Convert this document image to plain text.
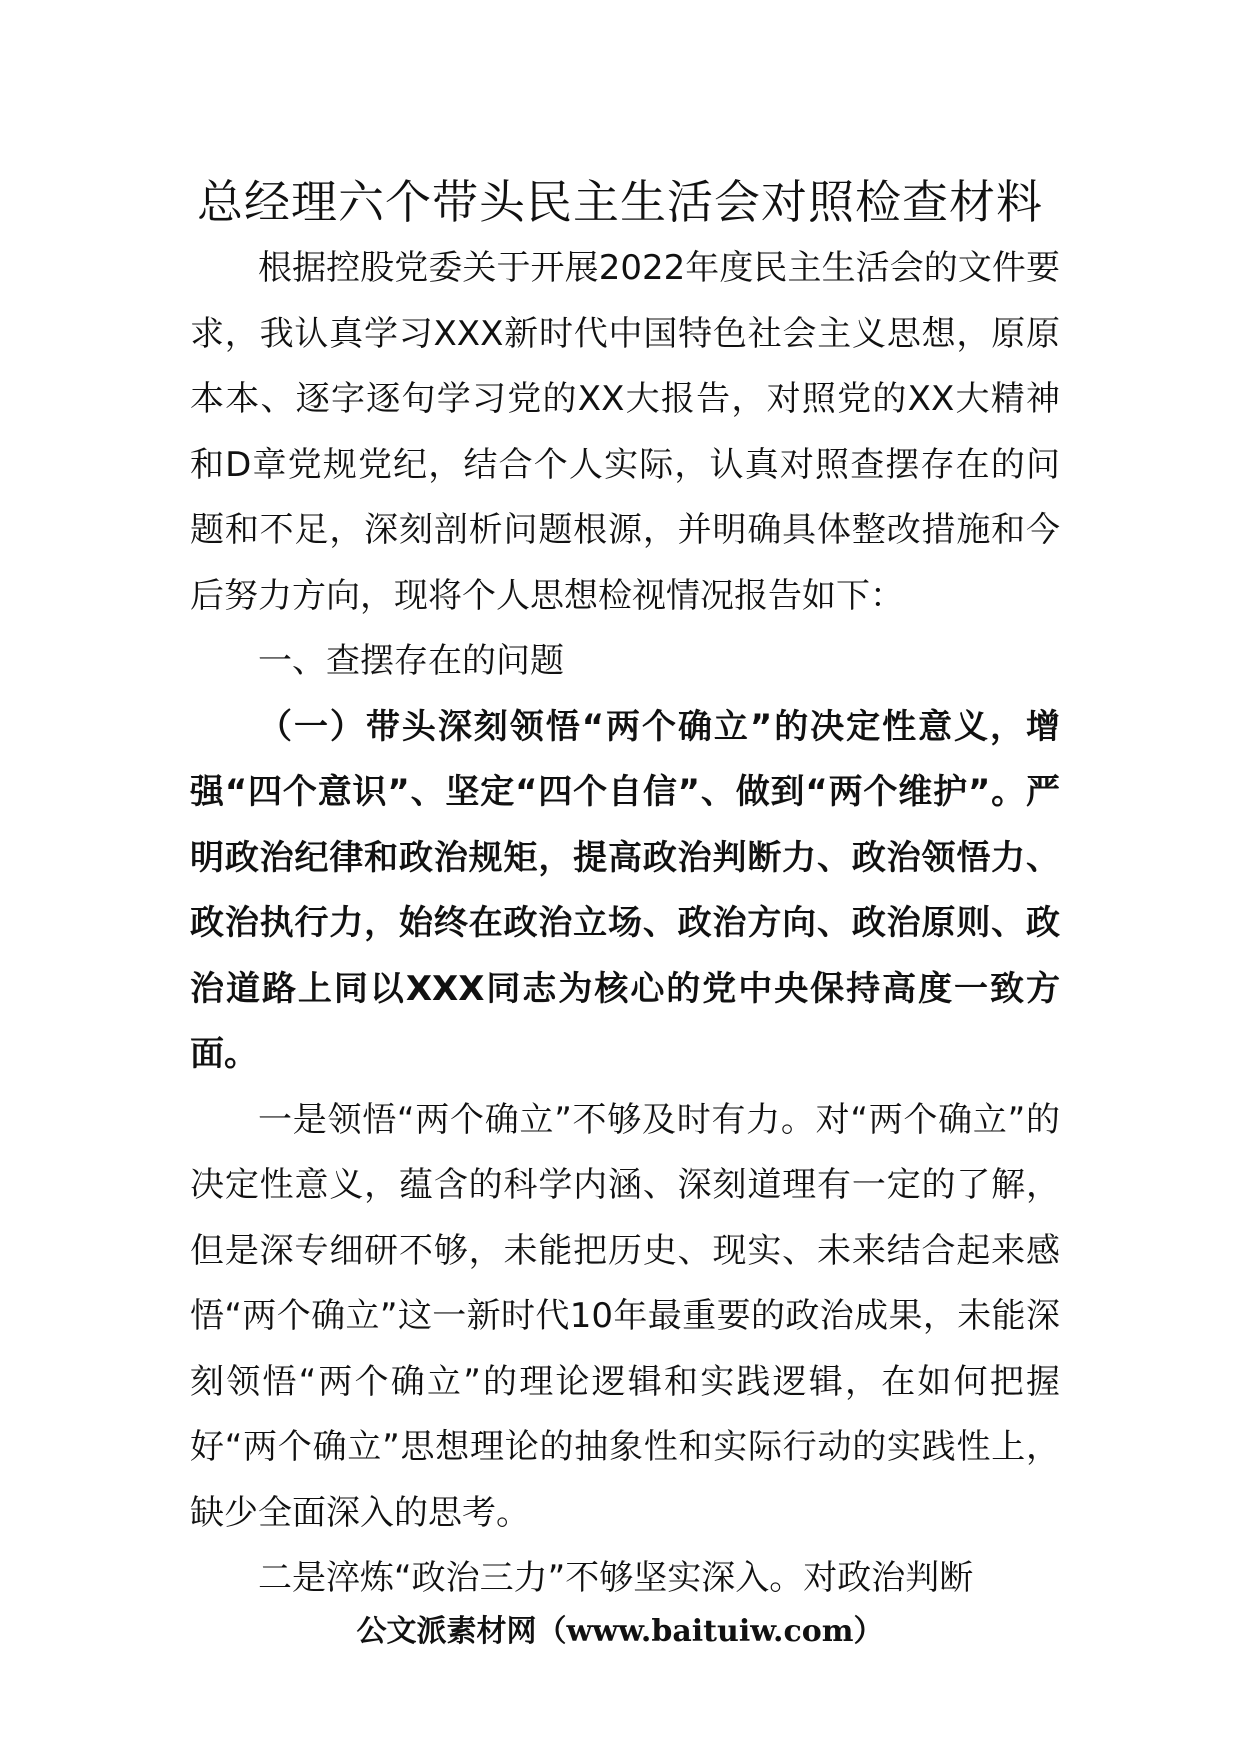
总经理六个带头民主生活会对照检查材料

根据控股党委关于开展2022年度民主生活会的文件要求，我认真学习XXX新时代中国特色社会主义思想，原原本本、逐字逐句学习党的XX大报告，对照党的XX大精神和D章党规党纪，结合个人实际，认真对照查摆存在的问题和不足，深刻剖析问题根源，并明确具体整改措施和今后努力方向，现将个人思想检视情况报告如下：

一、查摆存在的问题

（一）带头深刻领悟“两个确立”的决定性意义，增强“四个意识”、坚定“四个自信”、做到“两个维护”。严明政治纪律和政治规矩，提高政治判断力、政治领悟力、政治执行力，始终在政治立场、政治方向、政治原则、政治道路上同以XXX同志为核心的党中央保持高度一致方面。

一是领悟“两个确立”不够及时有力。对“两个确立”的决定性意义，蕴含的科学内涵、深刻道理有一定的了解，但是深专细研不够，未能把历史、现实、未来结合起来感悟“两个确立”这一新时代10年最重要的政治成果，未能深刻领悟“两个确立”的理论逻辑和实践逻辑，在如何把握好“两个确立”思想理论的抽象性和实际行动的实践性上，缺少全面深入的思考。

二是淬炼“政治三力”不够坚实深入。对政治判断

公文派素材网（www.baituiw.com）
